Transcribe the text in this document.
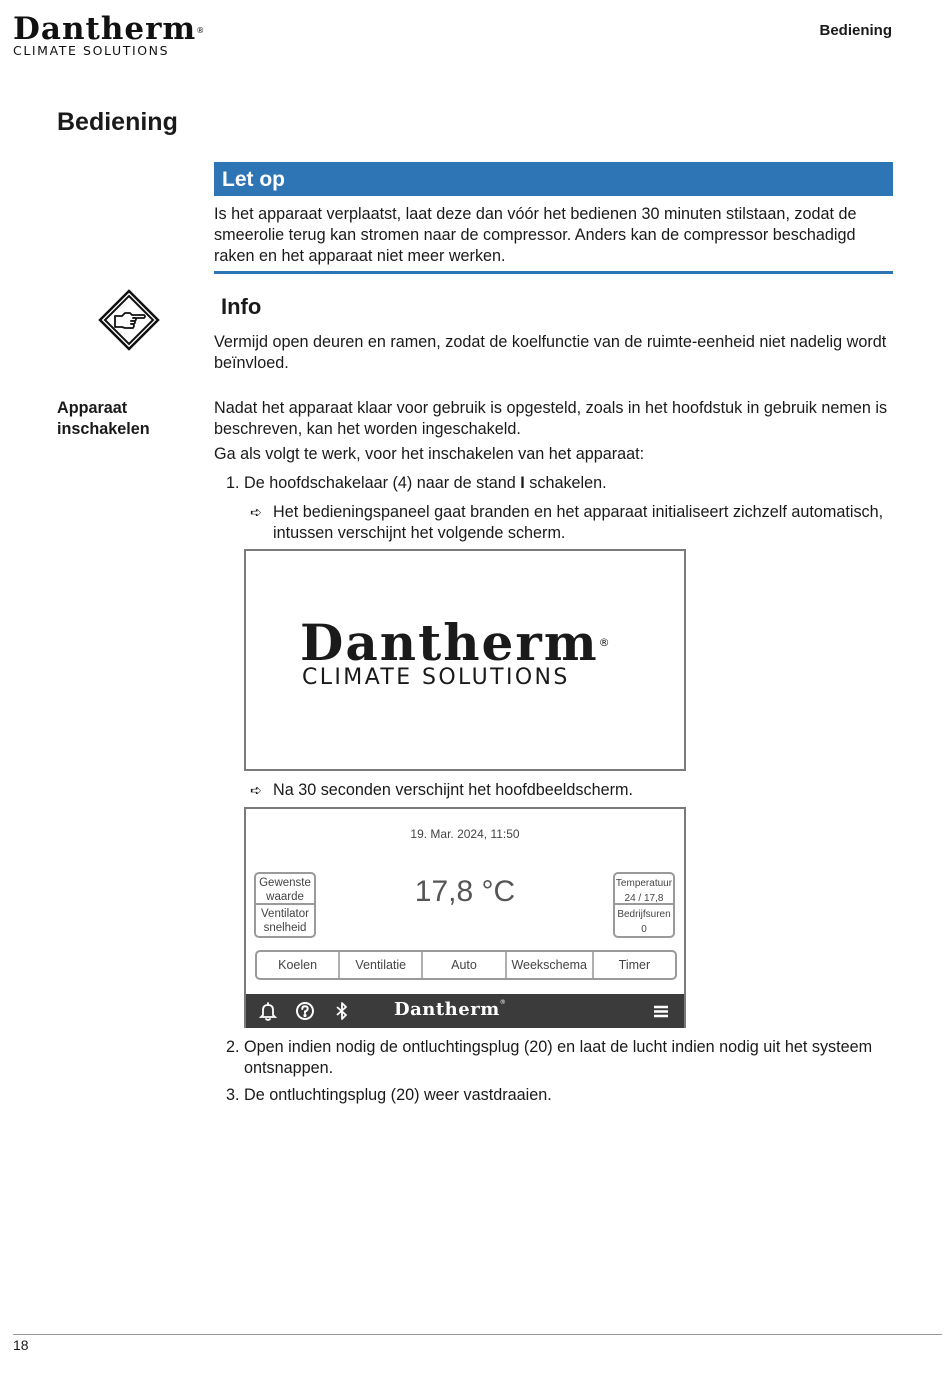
Dantherm ®
CLIMATE SOLUTIONS
Bediening
Bediening
Let op
Is het apparaat verplaatst, laat deze dan vóór het bedienen 30 minuten stilstaan, zodat de smeerolie terug kan stromen naar de compressor. Anders kan de compressor beschadigd raken en het apparaat niet meer werken.
Info
Vermijd open deuren en ramen, zodat de koelfunctie van de ruimte-eenheid niet nadelig wordt beïnvloed.
Apparaat
inschakelen
Nadat het apparaat klaar voor gebruik is opgesteld, zoals in het hoofdstuk in gebruik nemen is beschreven, kan het worden ingeschakeld.
Ga als volgt te werk, voor het inschakelen van het apparaat:
1. De hoofdschakelaar (4) naar de stand I schakelen.
➪ Het bedieningspaneel gaat branden en het apparaat initialiseert zichzelf automatisch, intussen verschijnt het volgende scherm.
Dantherm®
CLIMATE SOLUTIONS
➪ Na 30 seconden verschijnt het hoofdbeeldscherm.
19. Mar. 2024, 11:50
17,8 °C
Gewenste
waarde
Ventilator
snelheid
Temperatuur
24 / 17,8
Bedrijfsuren
0
Koelen	Ventilatie	Auto	Weekschema	Timer
Dantherm®
2. Open indien nodig de ontluchtingsplug (20) en laat de lucht indien nodig uit het systeem ontsnappen.
3. De ontluchtingsplug (20) weer vastdraaien.
18
